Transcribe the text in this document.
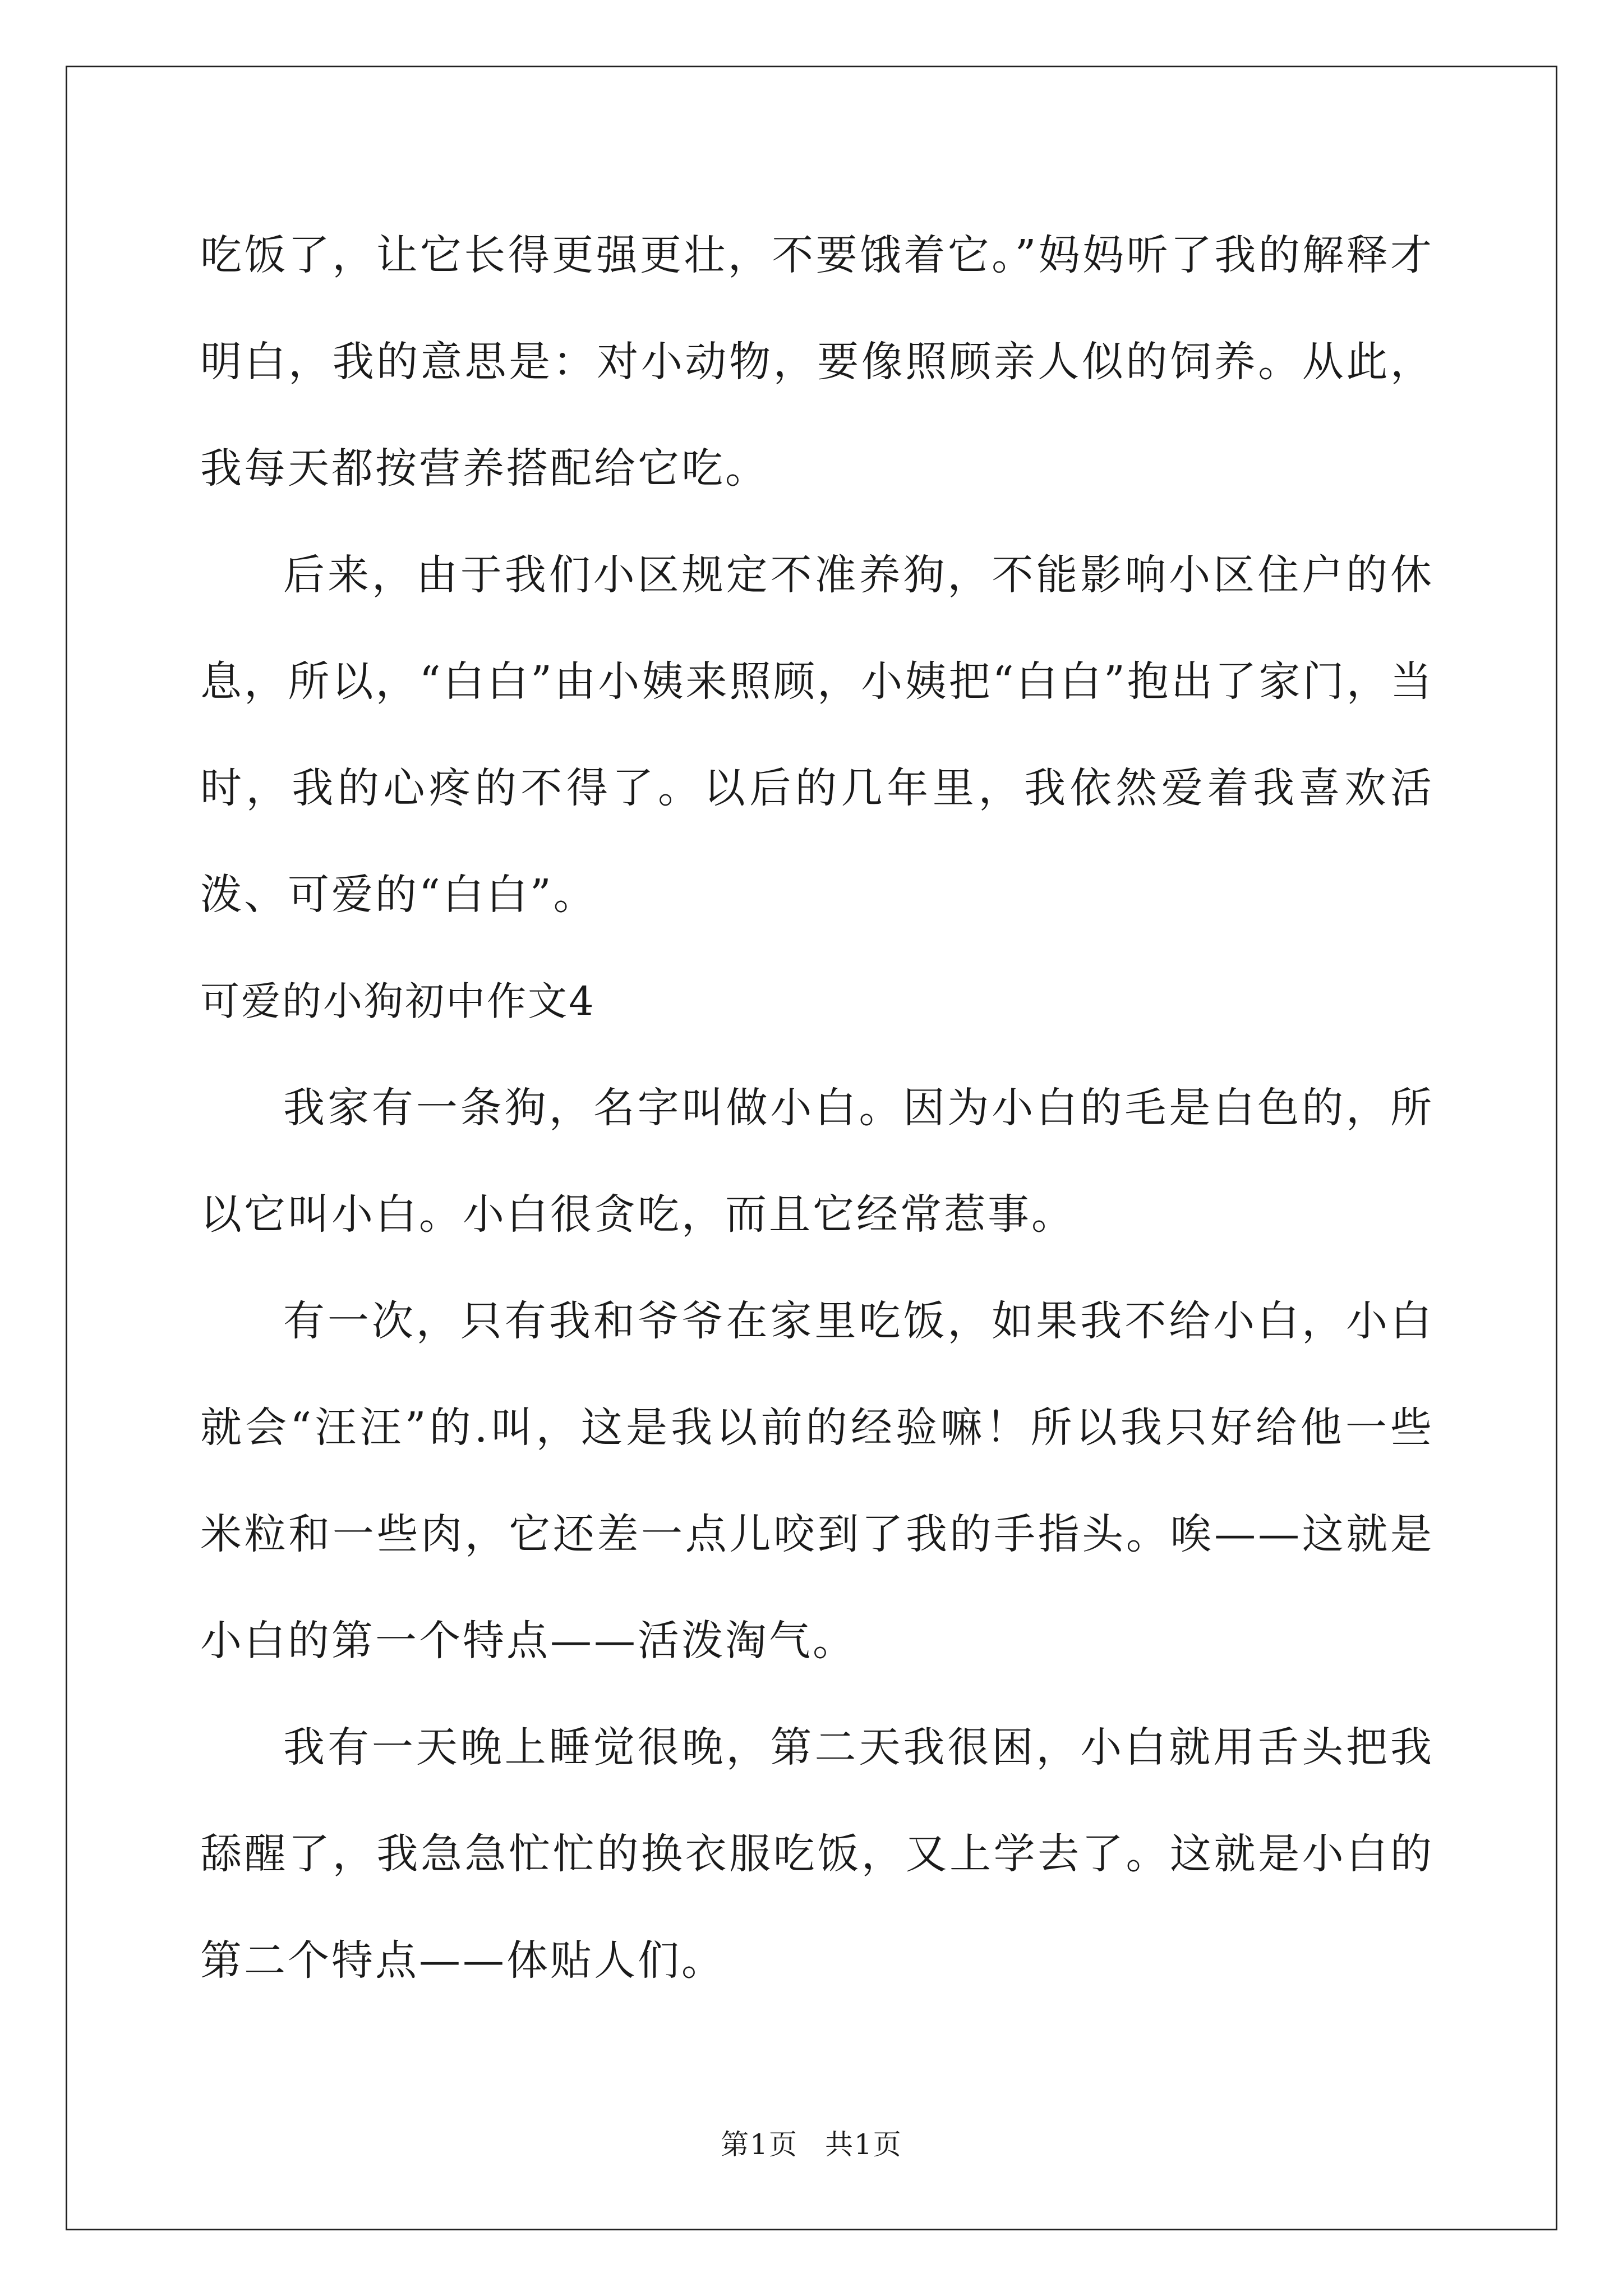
吃饭了，让它长得更强更壮，不要饿着它。”妈妈听了我的解释才明白，我的意思是：对小动物，要像照顾亲人似的饲养。从此，我每天都按营养搭配给它吃。

后来，由于我们小区规定不准养狗，不能影响小区住户的休息，所以，“白白”由小姨来照顾，小姨把“白白”抱出了家门，当时，我的心疼的不得了。以后的几年里，我依然爱着我喜欢活泼、可爱的“白白”。

可爱的小狗初中作文4

我家有一条狗，名字叫做小白。因为小白的毛是白色的，所以它叫小白。小白很贪吃，而且它经常惹事。

有一次，只有我和爷爷在家里吃饭，如果我不给小白，小白就会“汪汪”的.叫，这是我以前的经验嘛！所以我只好给他一些米粒和一些肉，它还差一点儿咬到了我的手指头。唉——这就是小白的第一个特点——活泼淘气。

我有一天晚上睡觉很晚，第二天我很困，小白就用舌头把我舔醒了，我急急忙忙的换衣服吃饭，又上学去了。这就是小白的第二个特点——体贴人们。

第1页 共1页
